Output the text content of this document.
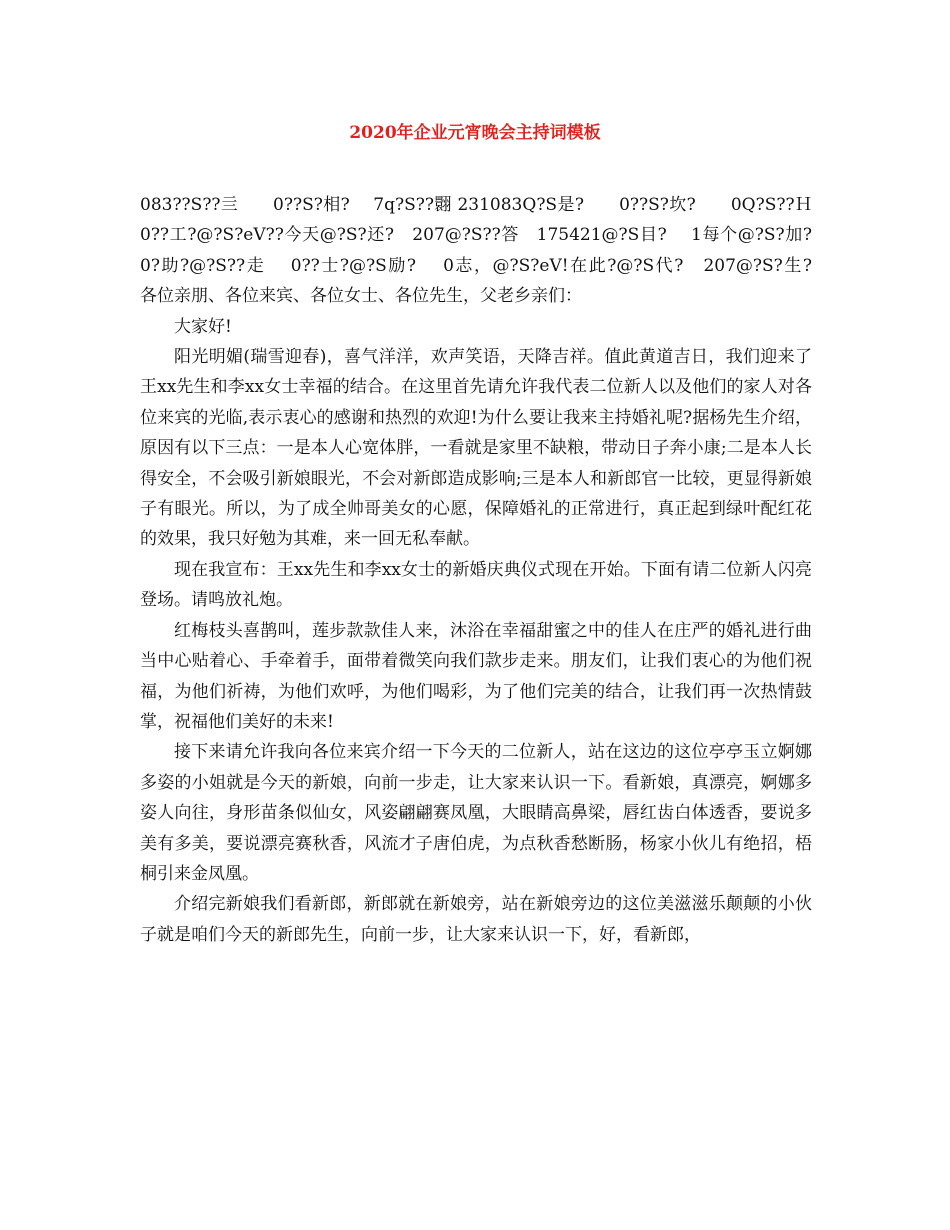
2020年企业元宵晚会主持词模板

083??S??亖　　0??S?相?　 7q?S??翾 231083Q?S是?　　0??S?坎?　　0Q?S??Ｈ0??工?@?S?eV??今天@?S?还?　207@?S??答　175421@?S目?　 1每个@?S?加?　 0?助?@?S??走　 0??士?@?S励?　 0志，@?S?eV!在此?@?S代?　207@?S?生?　　　各位亲朋、各位来宾、各位女士、各位先生，父老乡亲们：

大家好!

阳光明媚(瑞雪迎春)，喜气洋洋，欢声笑语，天降吉祥。值此黄道吉日，我们迎来了王xx先生和李xx女士幸福的结合。在这里首先请允许我代表二位新人以及他们的家人对各位来宾的光临,表示衷心的感谢和热烈的欢迎!为什么要让我来主持婚礼呢?据杨先生介绍，原因有以下三点：一是本人心宽体胖，一看就是家里不缺粮，带动日子奔小康;二是本人长得安全，不会吸引新娘眼光，不会对新郎造成影响;三是本人和新郎官一比较，更显得新娘子有眼光。所以，为了成全帅哥美女的心愿，保障婚礼的正常进行，真正起到绿叶配红花的效果，我只好勉为其难，来一回无私奉献。

现在我宣布：王xx先生和李xx女士的新婚庆典仪式现在开始。下面有请二位新人闪亮登场。请鸣放礼炮。

红梅枝头喜鹊叫，莲步款款佳人来，沐浴在幸福甜蜜之中的佳人在庄严的婚礼进行曲当中心贴着心、手牵着手，面带着微笑向我们款步走来。朋友们，让我们衷心的为他们祝福，为他们祈祷，为他们欢呼，为他们喝彩，为了他们完美的结合，让我们再一次热情鼓掌，祝福他们美好的未来!

接下来请允许我向各位来宾介绍一下今天的二位新人，站在这边的这位亭亭玉立婀娜多姿的小姐就是今天的新娘，向前一步走，让大家来认识一下。看新娘，真漂亮，婀娜多姿人向往，身形苗条似仙女，风姿翩翩赛凤凰，大眼睛高鼻梁，唇红齿白体透香，要说多美有多美，要说漂亮赛秋香，风流才子唐伯虎，为点秋香愁断肠，杨家小伙儿有绝招，梧桐引来金凤凰。

介绍完新娘我们看新郎，新郎就在新娘旁，站在新娘旁边的这位美滋滋乐颠颠的小伙子就是咱们今天的新郎先生，向前一步，让大家来认识一下，好，看新郎，
